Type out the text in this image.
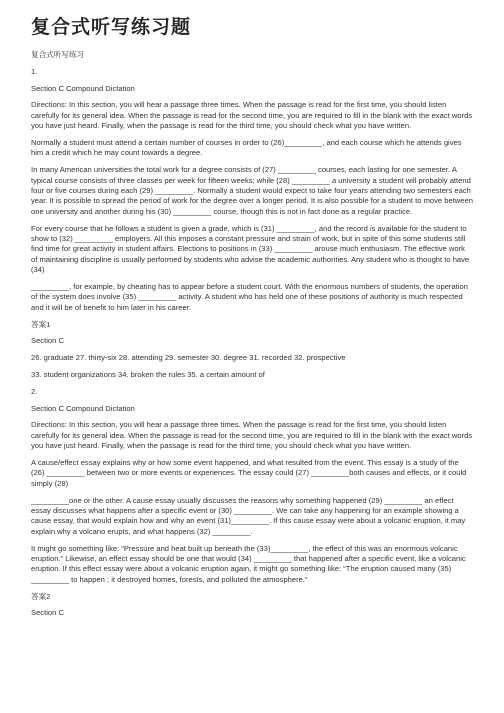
复合式听写练习题

复合式听写练习

1.

Section C Compound Dictation

Directions: In this section, you will hear a passage three times. When the passage is read for the first time, you should listen carefully for its general idea. When the passage is read for the second time, you are required to fill in the blank with the exact words you have just heard. Finally, when the passage is read for the third time, you should check what you have written.

Normally a student must attend a certain number of courses in order to (26)_________, and each course which he attends gives him a credit which he may count towards a degree.

In many American universities the total work for a degree consists of (27) _________ courses, each lasting for one semester. A typical course consists of three classes per week for fifteen weeks; while (28) _________ a university a student will probably attend four or five courses during each (29) _________. Normally a student would expect to take four years attending two semesters each year. It is possible to spread the period of work for the degree over a longer period. It is also possible for a student to move between one university and another during his (30) _________ course, though this is not in fact done as a regular practice.

For every course that he follows a student is given a grade, which is (31) _________, and the record is available for the student to show to (32) _________ employers. All this imposes a constant pressure and strain of work, but in spite of this some students still find time for great activity in student affairs. Elections to positions in (33) _________ arouse much enthusiasm. The effective work of maintaining discipline is usually performed by students who advise the academic authorities. Any student who is thought to have (34)

_________, for example, by cheating has to appear before a student court. With the enormous numbers of students, the operation of the system does involve (35) _________ activity. A student who has held one of these positions of authority is much respected and it will be of benefit to him later in his career.

答案1

Section C

26. graduate 27. thirty-six 28. attending 29. semester 30. degree 31. recorded 32. prospective

33. student organizations 34. broken the rules 35. a certain amount of

2.

Section C Compound Dictation

Directions: In this section, you will hear a passage three times. When the passage is read for the first time, you should listen carefully for its general idea. When the passage is read for the second time, you are required to fill in the blank with the exact words you have just heard. Finally, when the passage is read for the third time, you should check what you have written.

A cause/effect essay explains why or how some event happened, and what resulted from the event. This essay is a study of the (26) _________ between two or more events or experiences. The essay could (27) _________both causes and effects, or it could simply (28)

_________one or the other. A cause essay usually discusses the reasons why something happened (29) _________ an effect essay discusses what happens after a specific event or (30) _________. We can take any happening for an example showing a cause essay, that would explain how and why an event (31)_________. If this cause essay were about a volcanic eruption, it may explain why a volcano erupts, and what happens (32) _________.

It might go something like: “Pressure and heat built up beneath the (33)_________, the effect of this was an enormous volcanic eruption.” Likewise, an effect essay should be one that would (34) _________ that happened after a specific event, like a volcanic eruption. If this effect essay were about a volcanic eruption again, it might go something like: “The eruption caused many (35) _________ to happen ; it destroyed homes, forests, and polluted the atmosphere.”

答案2

Section C
